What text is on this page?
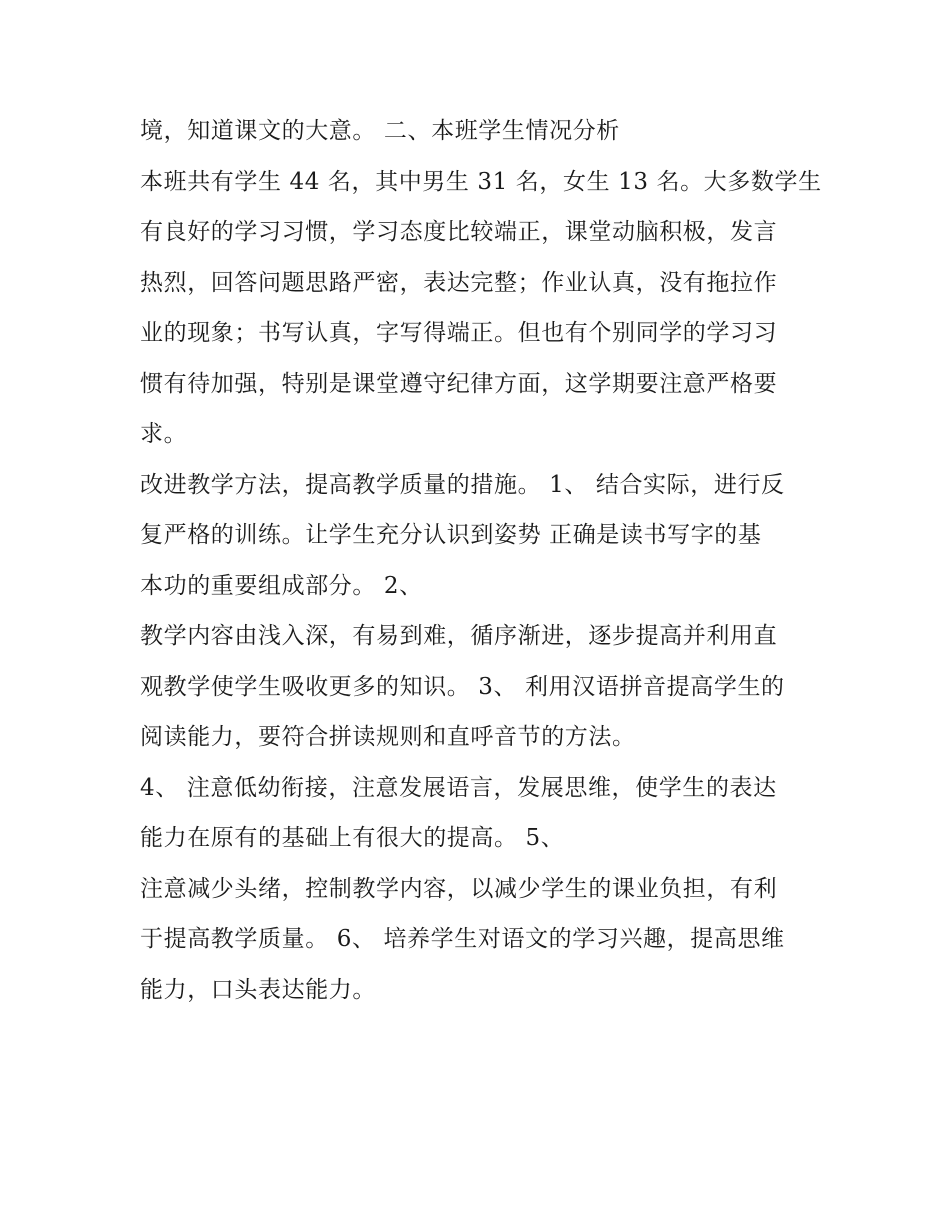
境，知道课文的大意。 二、本班学生情况分析

本班共有学生 44 名，其中男生 31 名，女生 13 名。大多数学生
有良好的学习习惯，学习态度比较端正，课堂动脑积极，发言
热烈，回答问题思路严密，表达完整；作业认真，没有拖拉作
业的现象；书写认真，字写得端正。但也有个别同学的学习习
惯有待加强，特别是课堂遵守纪律方面，这学期要注意严格要
求。

改进教学方法，提高教学质量的措施。 1、 结合实际，进行反
复严格的训练。让学生充分认识到姿势 正确是读书写字的基
本功的重要组成部分。 2、

教学内容由浅入深，有易到难，循序渐进，逐步提高并利用直
观教学使学生吸收更多的知识。 3、 利用汉语拼音提高学生的
阅读能力，要符合拼读规则和直呼音节的方法。

4、 注意低幼衔接，注意发展语言，发展思维，使学生的表达
能力在原有的基础上有很大的提高。 5、

注意减少头绪，控制教学内容，以减少学生的课业负担，有利
于提高教学质量。 6、 培养学生对语文的学习兴趣，提高思维
能力，口头表达能力。
